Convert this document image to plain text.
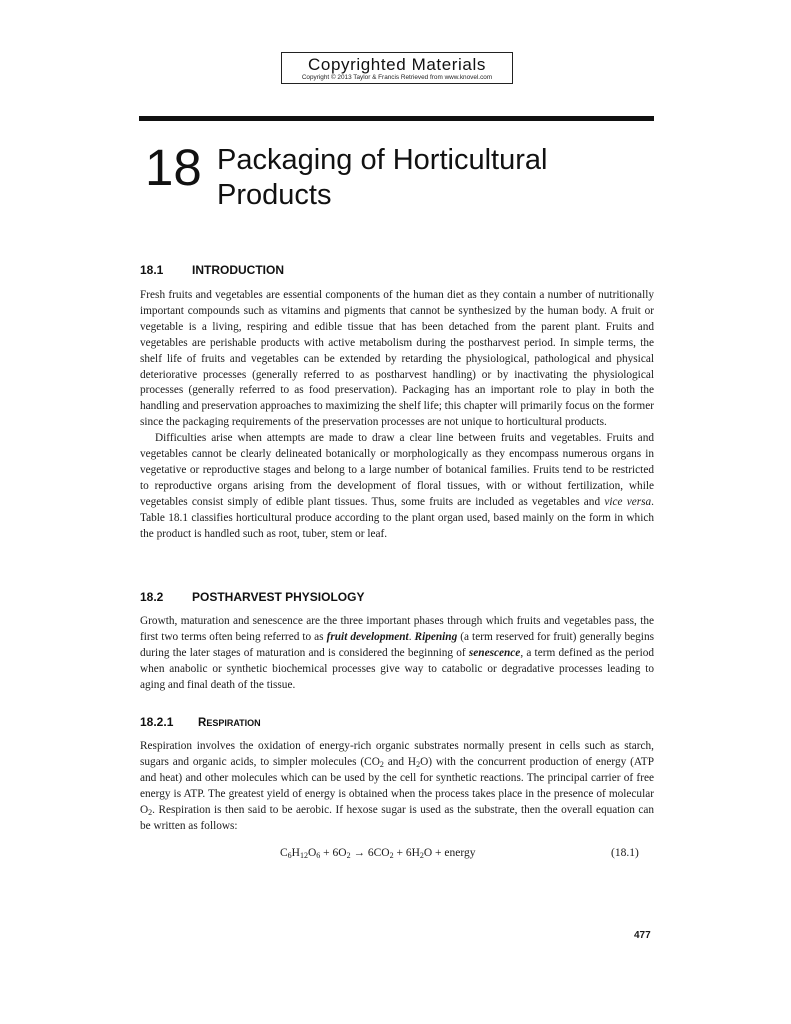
Copyrighted Materials
Copyright © 2013 Taylor & Francis Retrieved from www.knovel.com
18 Packaging of Horticultural
Products
18.1 INTRODUCTION

Fresh fruits and vegetables are essential components of the human diet as they contain a number of nutritionally important compounds such as vitamins and pigments that cannot be synthesized by the human body. A fruit or vegetable is a living, respiring and edible tissue that has been detached from the parent plant. Fruits and vegetables are perishable products with active metabolism during the postharvest period. In simple terms, the shelf life of fruits and vegetables can be extended by retarding the physiological, pathological and physical deteriorative processes (generally referred to as postharvest handling) or by inactivating the physiological processes (generally referred to as food preservation). Packaging has an important role to play in both the handling and preservation approaches to maximizing the shelf life; this chapter will primarily focus on the former since the packaging requirements of the preservation processes are not unique to horticultural products.

Difficulties arise when attempts are made to draw a clear line between fruits and vegetables. Fruits and vegetables cannot be clearly delineated botanically or morphologically as they encompass numerous organs in vegetative or reproductive stages and belong to a large number of botanical families. Fruits tend to be restricted to reproductive organs arising from the development of floral tissues, with or without fertilization, while vegetables consist simply of edible plant tissues. Thus, some fruits are included as vegetables and vice versa. Table 18.1 classifies horticultural produce according to the plant organ used, based mainly on the form in which the product is handled such as root, tuber, stem or leaf.

18.2 POSTHARVEST PHYSIOLOGY

Growth, maturation and senescence are the three important phases through which fruits and vegetables pass, the first two terms often being referred to as fruit development. Ripening (a term reserved for fruit) generally begins during the later stages of maturation and is considered the beginning of senescence, a term defined as the period when anabolic or synthetic biochemical processes give way to catabolic or degradative processes leading to aging and final death of the tissue.

18.2.1 RESPIRATION

Respiration involves the oxidation of energy-rich organic substrates normally present in cells such as starch, sugars and organic acids, to simpler molecules ($CO_2$ and $H_2O$) with the concurrent production of energy (ATP and heat) and other molecules which can be used by the cell for synthetic reactions. The principal carrier of free energy is ATP. The greatest yield of energy is obtained when the process takes place in the presence of molecular $O_2$. Respiration is then said to be aerobic. If hexose sugar is used as the substrate, then the overall equation can be written as follows:

$C_6H_{12}O_6 + 6O_2 \to 6CO_2 + 6H_2O$ + energy	(18.1)
477
